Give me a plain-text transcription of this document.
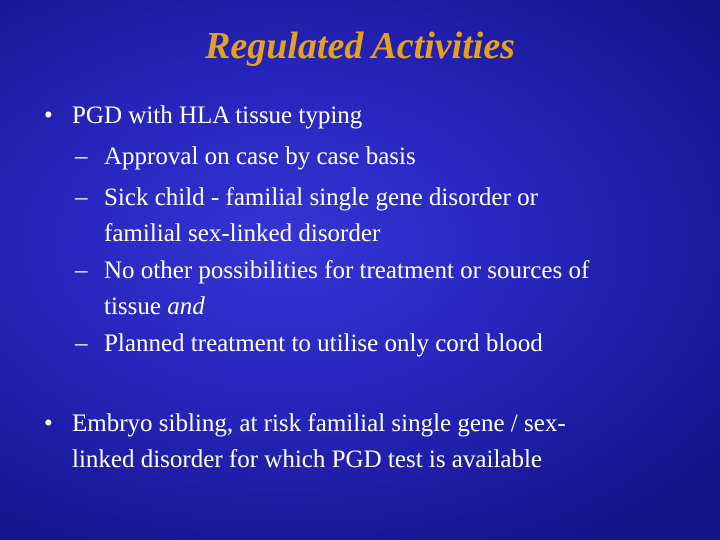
Regulated Activities
• PGD with HLA tissue typing
– Approval on case by case basis
– Sick child - familial single gene disorder or
familial sex-linked disorder
– No other possibilities for treatment or sources of
tissue and
– Planned treatment to utilise only cord blood
• Embryo sibling, at risk familial single gene / sex-
linked disorder for which PGD test is available
